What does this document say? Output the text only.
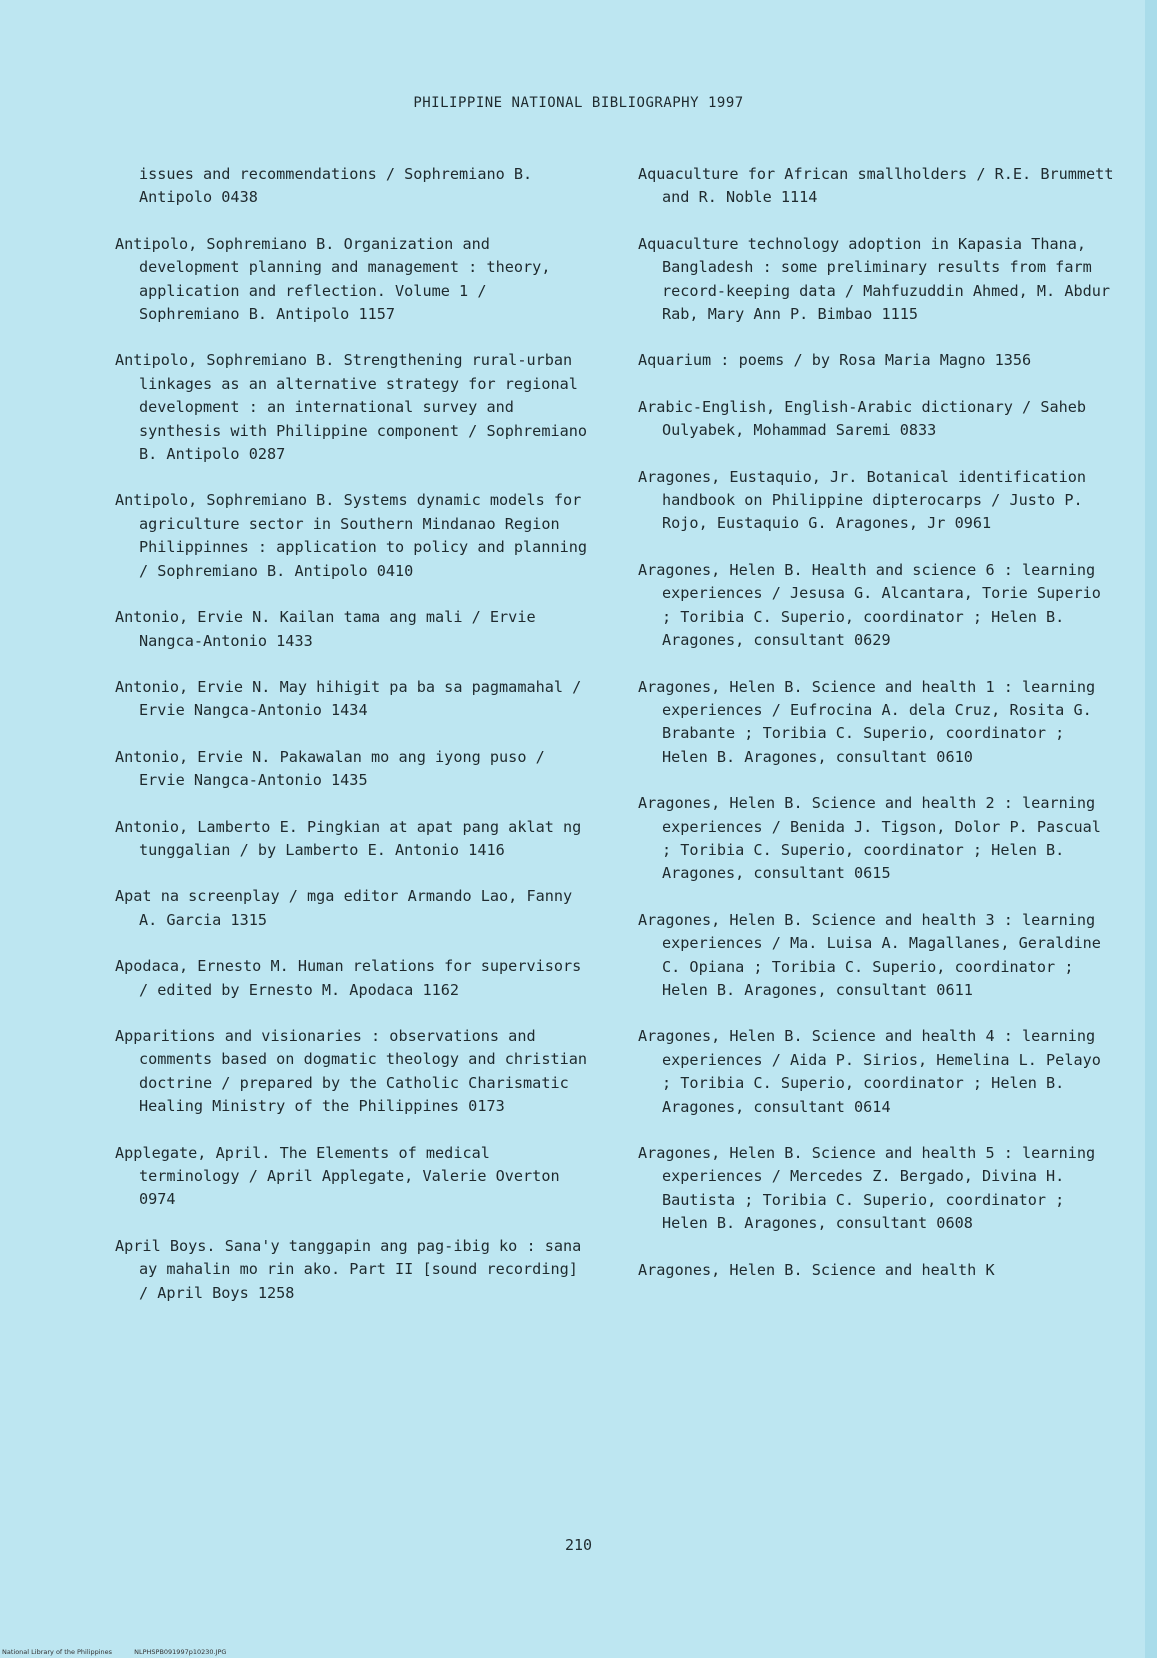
PHILIPPINE NATIONAL BIBLIOGRAPHY 1997

issues and recommendations / Sophremiano B. Antipolo 0438

Antipolo, Sophremiano B. Organization and development planning and management : theory, application and reflection. Volume 1 / Sophremiano B. Antipolo 1157

Antipolo, Sophremiano B. Strengthening rural-urban linkages as an alternative strategy for regional development : an international survey and synthesis with Philippine component / Sophremiano B. Antipolo 0287

Antipolo, Sophremiano B. Systems dynamic models for agriculture sector in Southern Mindanao Region Philippinnes : application to policy and planning / Sophremiano B. Antipolo 0410

Antonio, Ervie N. Kailan tama ang mali / Ervie Nangca-Antonio 1433

Antonio, Ervie N. May hihigit pa ba sa pagmamahal / Ervie Nangca-Antonio 1434

Antonio, Ervie N. Pakawalan mo ang iyong puso / Ervie Nangca-Antonio 1435

Antonio, Lamberto E. Pingkian at apat pang aklat ng tunggalian / by Lamberto E. Antonio 1416

Apat na screenplay / mga editor Armando Lao, Fanny A. Garcia 1315

Apodaca, Ernesto M. Human relations for supervisors / edited by Ernesto M. Apodaca 1162

Apparitions and visionaries : observations and comments based on dogmatic theology and christian doctrine / prepared by the Catholic Charismatic Healing Ministry of the Philippines 0173

Applegate, April. The Elements of medical terminology / April Applegate, Valerie Overton 0974

April Boys. Sana'y tanggapin ang pag-ibig ko : sana ay mahalin mo rin ako. Part II [sound recording] / April Boys 1258

Aquaculture for African smallholders / R.E. Brummett and R. Noble 1114

Aquaculture technology adoption in Kapasia Thana, Bangladesh : some preliminary results from farm record-keeping data / Mahfuzuddin Ahmed, M. Abdur Rab, Mary Ann P. Bimbao 1115

Aquarium : poems / by Rosa Maria Magno 1356

Arabic-English, English-Arabic dictionary / Saheb Oulyabek, Mohammad Saremi 0833

Aragones, Eustaquio, Jr. Botanical identification handbook on Philippine dipterocarps / Justo P. Rojo, Eustaquio G. Aragones, Jr 0961

Aragones, Helen B. Health and science 6 : learning experiences / Jesusa G. Alcantara, Torie Superio ; Toribia C. Superio, coordinator ; Helen B. Aragones, consultant 0629

Aragones, Helen B. Science and health 1 : learning experiences / Eufrocina A. dela Cruz, Rosita G. Brabante ; Toribia C. Superio, coordinator ; Helen B. Aragones, consultant 0610

Aragones, Helen B. Science and health 2 : learning experiences / Benida J. Tigson, Dolor P. Pascual ; Toribia C. Superio, coordinator ; Helen B. Aragones, consultant 0615

Aragones, Helen B. Science and health 3 : learning experiences / Ma. Luisa A. Magallanes, Geraldine C. Opiana ; Toribia C. Superio, coordinator ; Helen B. Aragones, consultant 0611

Aragones, Helen B. Science and health 4 : learning experiences / Aida P. Sirios, Hemelina L. Pelayo ; Toribia C. Superio, coordinator ; Helen B. Aragones, consultant 0614

Aragones, Helen B. Science and health 5 : learning experiences / Mercedes Z. Bergado, Divina H. Bautista ; Toribia C. Superio, coordinator ; Helen B. Aragones, consultant 0608

Aragones, Helen B. Science and health K

210
National Library of the Philippines	NLPHSPB091997p10230.JPG
